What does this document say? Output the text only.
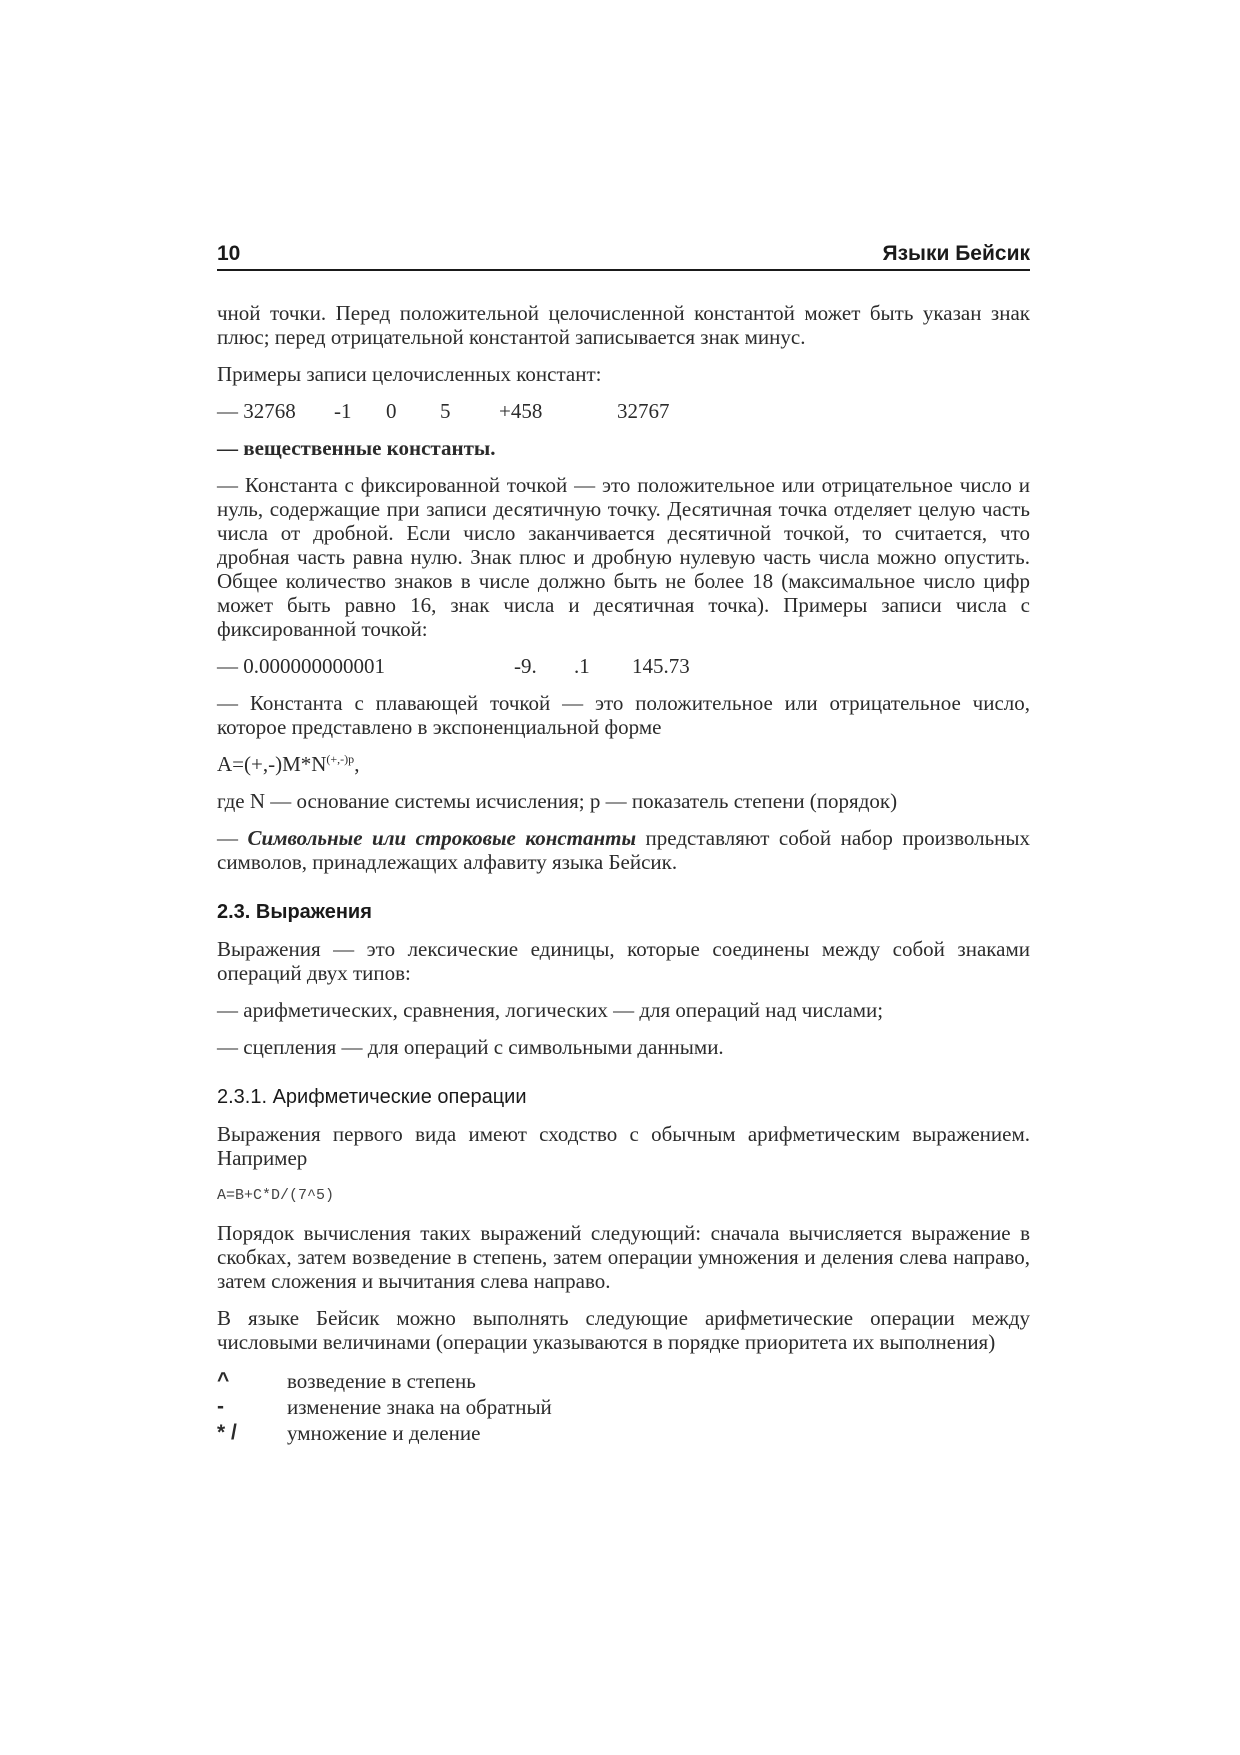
10	Языки Бейсик

чной точки. Перед положительной целочисленной константой может быть указан знак плюс; перед отрицательной константой записывается знак минус.

Примеры записи целочисленных констант:

— 32768	-1	0	5	+458	32767

— вещественные константы.

— Константа с фиксированной точкой — это положительное или отрицательное число и нуль, содержащие при записи десятичную точку. Десятичная точка отделяет целую часть числа от дробной. Если число заканчивается десятичной точкой, то считается, что дробная часть равна нулю. Знак плюс и дробную нулевую часть числа можно опустить. Общее количество знаков в числе должно быть не более 18 (максимальное число цифр может быть равно 16, знак числа и десятичная точка). Примеры записи числа с фиксированной точкой:

— 0.000000000001	-9.	.1	145.73

— Константа с плавающей точкой — это положительное или отрицательное число, которое представлено в экспоненциальной форме

$A=(+,-)M*N^{(+,-)p}$,

где N — основание системы исчисления; p — показатель степени (порядок)

— Символьные или строковые константы представляют собой набор произвольных символов, принадлежащих алфавиту языка Бейсик.

2.3. Выражения

Выражения — это лексические единицы, которые соединены между собой знаками операций двух типов:

— арифметических, сравнения, логических — для операций над числами;

— сцепления — для операций с символьными данными.

2.3.1. Арифметические операции

Выражения первого вида имеют сходство с обычным арифметическим выражением. Например

A=B+C*D/(7^5)

Порядок вычисления таких выражений следующий: сначала вычисляется выражение в скобках, затем возведение в степень, затем операции умножения и деления слева направо, затем сложения и вычитания слева направо.

В языке Бейсик можно выполнять следующие арифметические операции между числовыми величинами (операции указываются в порядке приоритета их выполнения)

^	возведение в степень
-	изменение знака на обратный
* /	умножение и деление
